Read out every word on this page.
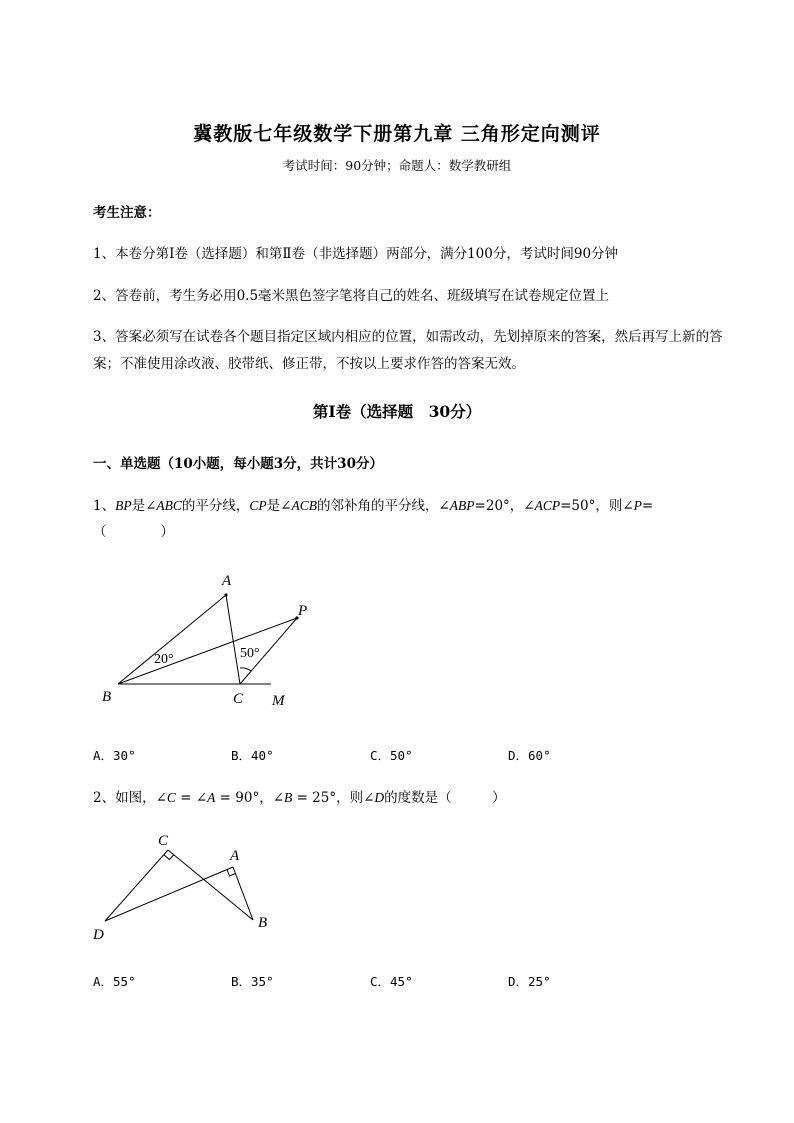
冀教版七年级数学下册第九章 三角形定向测评
考试时间：90分钟；命题人：数学教研组
考生注意：
1、本卷分第I卷（选择题）和第Ⅱ卷（非选择题）两部分，满分100分，考试时间90分钟
2、答卷前，考生务必用0.5毫米黑色签字笔将自己的姓名、班级填写在试卷规定位置上
3、答案必须写在试卷各个题目指定区域内相应的位置，如需改动，先划掉原来的答案，然后再写上新的答案；不准使用涂改液、胶带纸、修正带，不按以上要求作答的答案无效。
第I卷（选择题　30分）
一、单选题（10小题，每小题3分，共计30分）
1、BP是∠ABC的平分线，CP是∠ACB的邻补角的平分线，∠ABP=20°，∠ACP=50°，则∠P=
（　　　　）
A
P
B	C M
20°	50°
A．30°	B．40°	C．50°	D．60°
2、如图，∠C = ∠A = 90°，∠B = 25°，则∠D的度数是（　　　）
C
A
D
B
A．55°	B．35°	C．45°	D．25°
